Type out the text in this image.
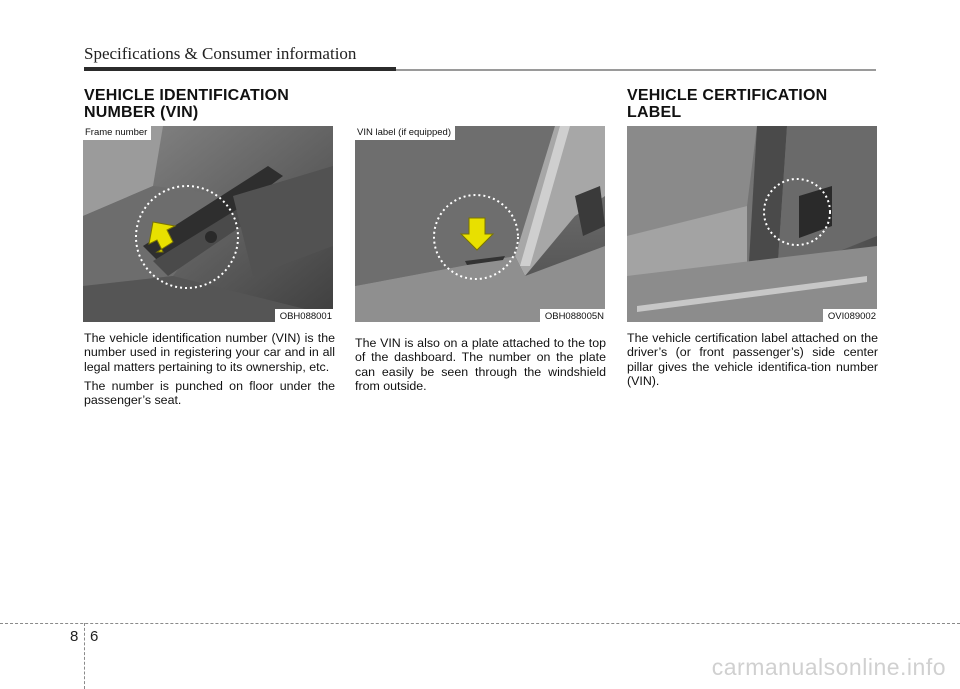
Specifications & Consumer information
VEHICLE IDENTIFICATION
NUMBER (VIN)
VEHICLE CERTIFICATION
LABEL
Frame number
OBH088001
VIN label (if equipped)
OBH088005N	OVI089002

The vehicle identification number (VIN) is the number used in registering your car and in all legal matters pertaining to its ownership, etc.

The number is punched on floor under the passenger’s seat.

The VIN is also on a plate attached to the top of the dashboard. The number on the plate can easily be seen through the windshield from outside.

The vehicle certification label attached on the driver’s (or front passenger’s) side center pillar gives the vehicle identifica-tion number (VIN).

8 6
carmanualsonline.info
